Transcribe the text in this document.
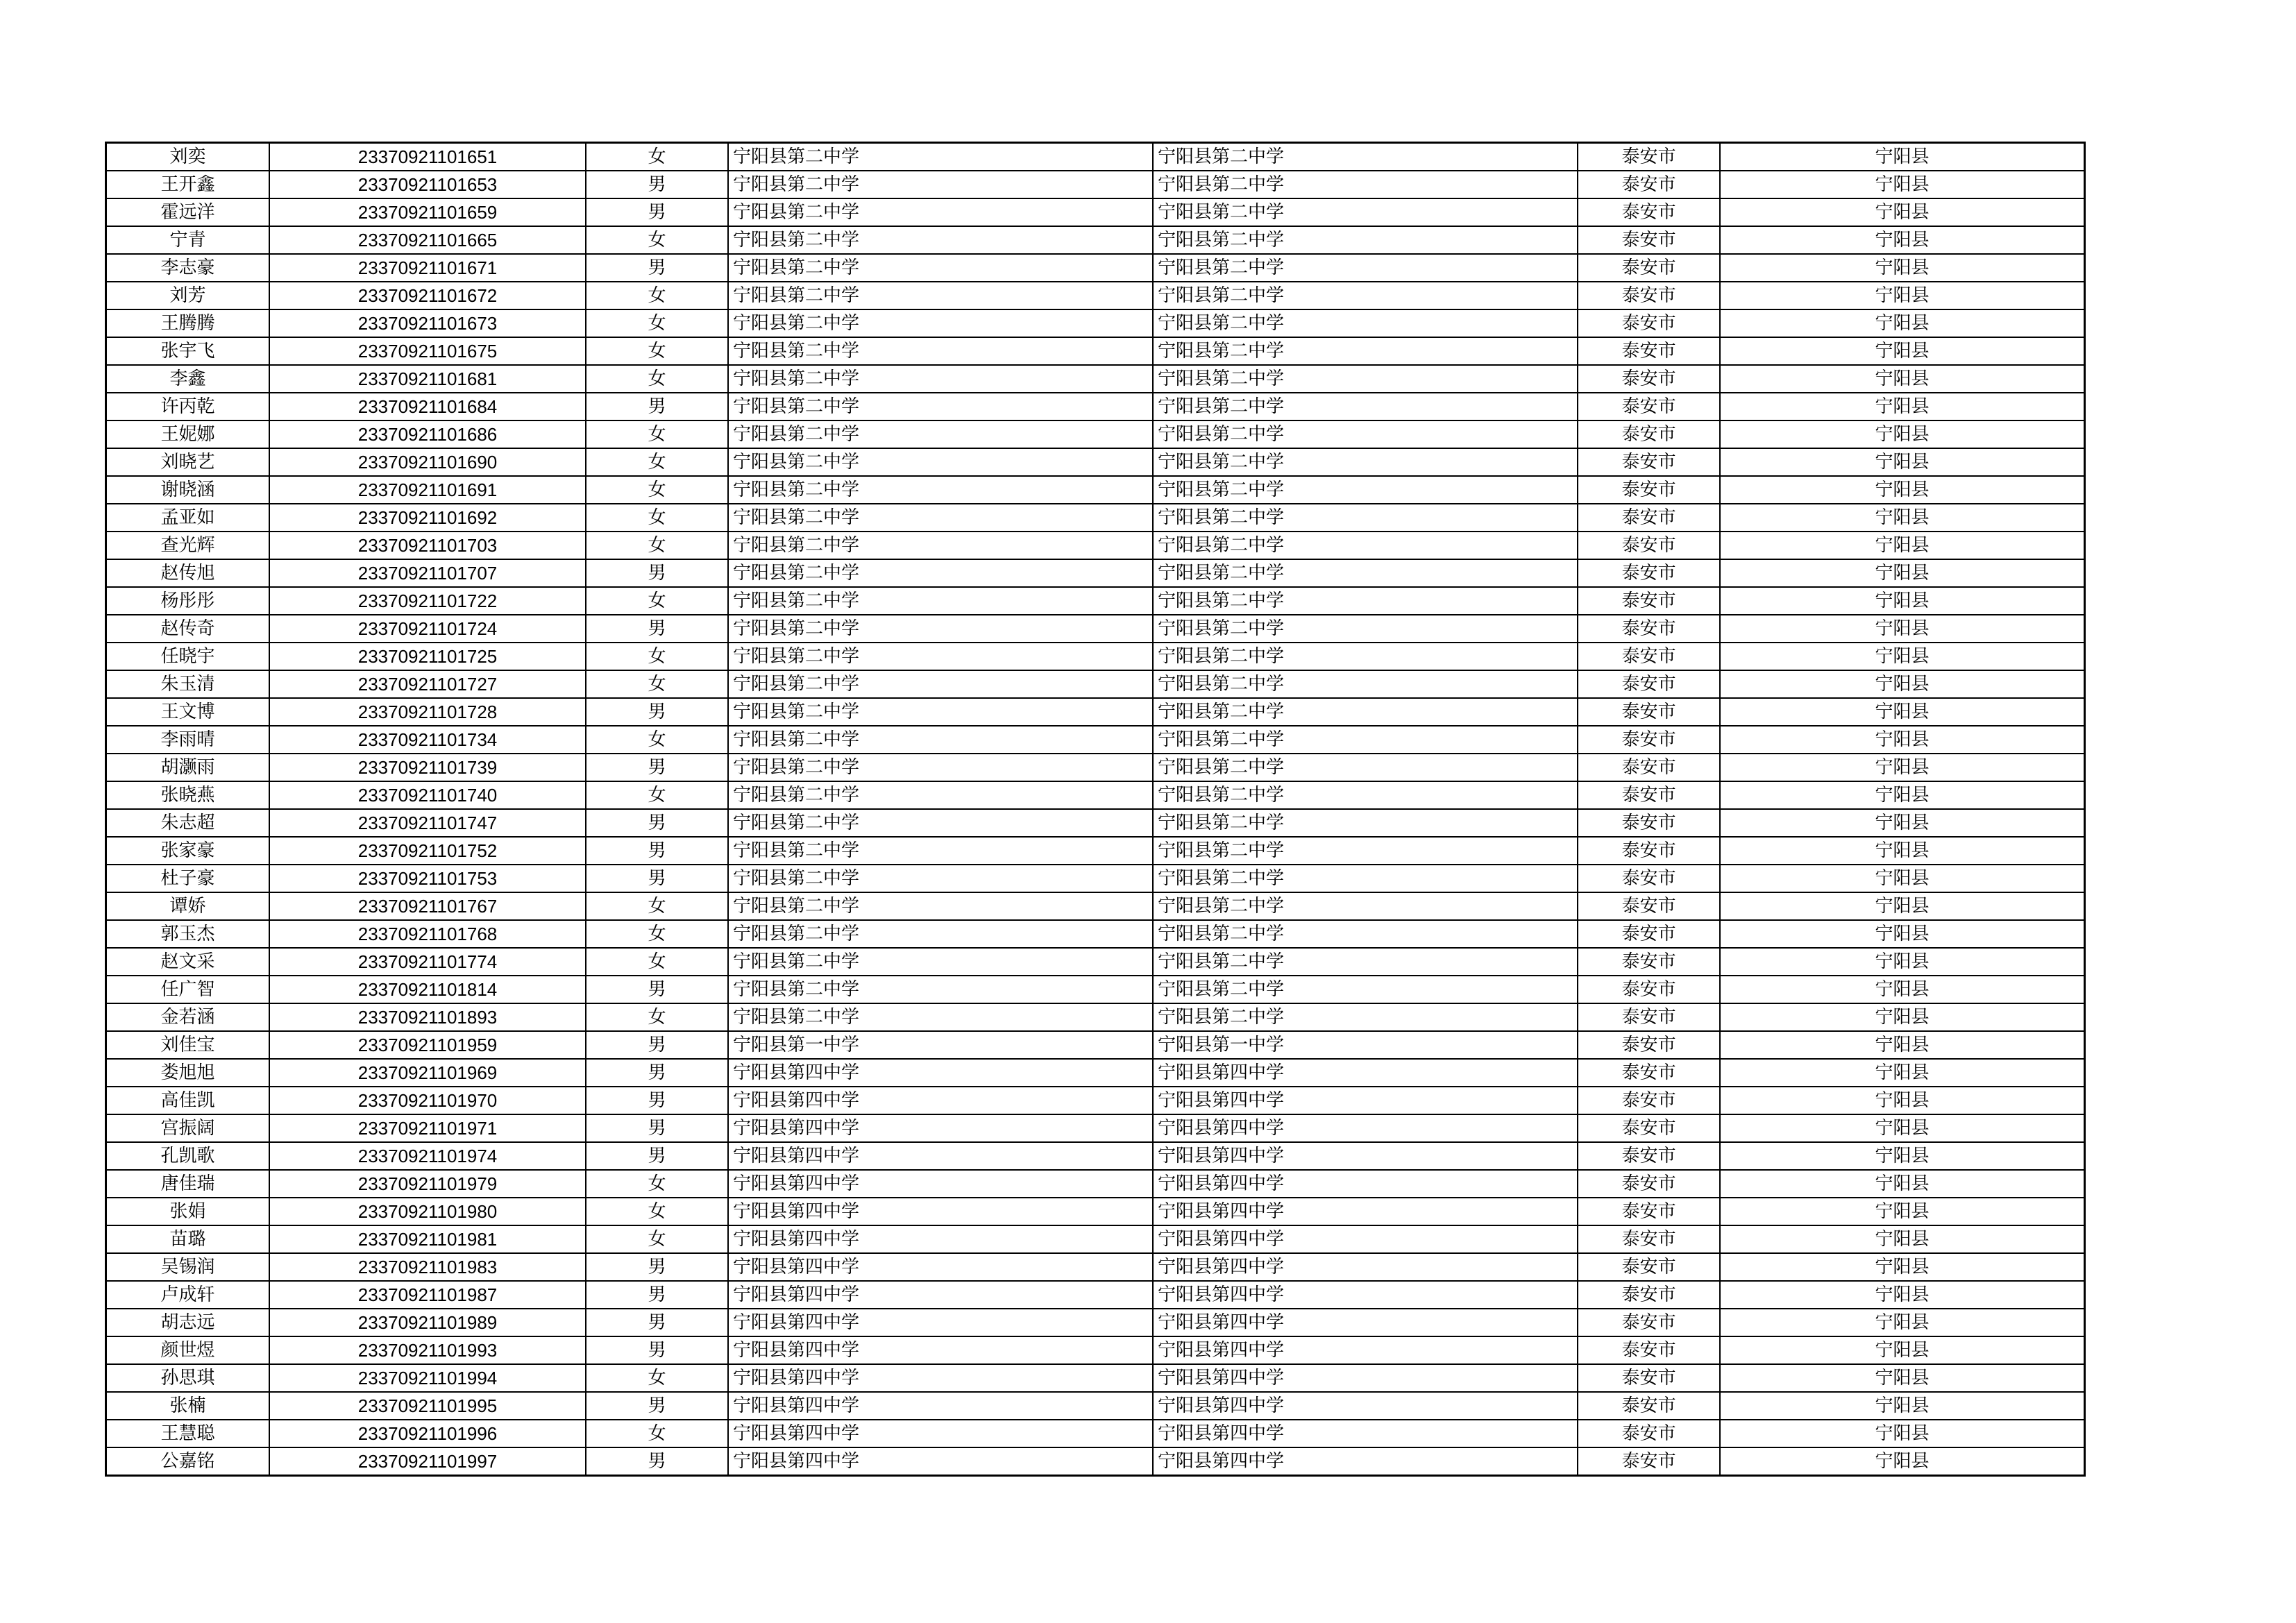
刘奕	23370921101651	女	宁阳县第二中学	宁阳县第二中学	泰安市	宁阳县
王开鑫	23370921101653	男	宁阳县第二中学	宁阳县第二中学	泰安市	宁阳县
霍远洋	23370921101659	男	宁阳县第二中学	宁阳县第二中学	泰安市	宁阳县
宁青	23370921101665	女	宁阳县第二中学	宁阳县第二中学	泰安市	宁阳县
李志豪	23370921101671	男	宁阳县第二中学	宁阳县第二中学	泰安市	宁阳县
刘芳	23370921101672	女	宁阳县第二中学	宁阳县第二中学	泰安市	宁阳县
王腾腾	23370921101673	女	宁阳县第二中学	宁阳县第二中学	泰安市	宁阳县
张宇飞	23370921101675	女	宁阳县第二中学	宁阳县第二中学	泰安市	宁阳县
李鑫	23370921101681	女	宁阳县第二中学	宁阳县第二中学	泰安市	宁阳县
许丙乾	23370921101684	男	宁阳县第二中学	宁阳县第二中学	泰安市	宁阳县
王妮娜	23370921101686	女	宁阳县第二中学	宁阳县第二中学	泰安市	宁阳县
刘晓艺	23370921101690	女	宁阳县第二中学	宁阳县第二中学	泰安市	宁阳县
谢晓涵	23370921101691	女	宁阳县第二中学	宁阳县第二中学	泰安市	宁阳县
孟亚如	23370921101692	女	宁阳县第二中学	宁阳县第二中学	泰安市	宁阳县
查光辉	23370921101703	女	宁阳县第二中学	宁阳县第二中学	泰安市	宁阳县
赵传旭	23370921101707	男	宁阳县第二中学	宁阳县第二中学	泰安市	宁阳县
杨彤彤	23370921101722	女	宁阳县第二中学	宁阳县第二中学	泰安市	宁阳县
赵传奇	23370921101724	男	宁阳县第二中学	宁阳县第二中学	泰安市	宁阳县
任晓宇	23370921101725	女	宁阳县第二中学	宁阳县第二中学	泰安市	宁阳县
朱玉清	23370921101727	女	宁阳县第二中学	宁阳县第二中学	泰安市	宁阳县
王文博	23370921101728	男	宁阳县第二中学	宁阳县第二中学	泰安市	宁阳县
李雨晴	23370921101734	女	宁阳县第二中学	宁阳县第二中学	泰安市	宁阳县
胡灏雨	23370921101739	男	宁阳县第二中学	宁阳县第二中学	泰安市	宁阳县
张晓燕	23370921101740	女	宁阳县第二中学	宁阳县第二中学	泰安市	宁阳县
朱志超	23370921101747	男	宁阳县第二中学	宁阳县第二中学	泰安市	宁阳县
张家豪	23370921101752	男	宁阳县第二中学	宁阳县第二中学	泰安市	宁阳县
杜子豪	23370921101753	男	宁阳县第二中学	宁阳县第二中学	泰安市	宁阳县
谭娇	23370921101767	女	宁阳县第二中学	宁阳县第二中学	泰安市	宁阳县
郭玉杰	23370921101768	女	宁阳县第二中学	宁阳县第二中学	泰安市	宁阳县
赵文采	23370921101774	女	宁阳县第二中学	宁阳县第二中学	泰安市	宁阳县
任广智	23370921101814	男	宁阳县第二中学	宁阳县第二中学	泰安市	宁阳县
金若涵	23370921101893	女	宁阳县第二中学	宁阳县第二中学	泰安市	宁阳县
刘佳宝	23370921101959	男	宁阳县第一中学	宁阳县第一中学	泰安市	宁阳县
娄旭旭	23370921101969	男	宁阳县第四中学	宁阳县第四中学	泰安市	宁阳县
高佳凯	23370921101970	男	宁阳县第四中学	宁阳县第四中学	泰安市	宁阳县
宫振阔	23370921101971	男	宁阳县第四中学	宁阳县第四中学	泰安市	宁阳县
孔凯歌	23370921101974	男	宁阳县第四中学	宁阳县第四中学	泰安市	宁阳县
唐佳瑞	23370921101979	女	宁阳县第四中学	宁阳县第四中学	泰安市	宁阳县
张娟	23370921101980	女	宁阳县第四中学	宁阳县第四中学	泰安市	宁阳县
苗璐	23370921101981	女	宁阳县第四中学	宁阳县第四中学	泰安市	宁阳县
吴锡润	23370921101983	男	宁阳县第四中学	宁阳县第四中学	泰安市	宁阳县
卢成轩	23370921101987	男	宁阳县第四中学	宁阳县第四中学	泰安市	宁阳县
胡志远	23370921101989	男	宁阳县第四中学	宁阳县第四中学	泰安市	宁阳县
颜世煜	23370921101993	男	宁阳县第四中学	宁阳县第四中学	泰安市	宁阳县
孙思琪	23370921101994	女	宁阳县第四中学	宁阳县第四中学	泰安市	宁阳县
张楠	23370921101995	男	宁阳县第四中学	宁阳县第四中学	泰安市	宁阳县
王慧聪	23370921101996	女	宁阳县第四中学	宁阳县第四中学	泰安市	宁阳县
公嘉铭	23370921101997	男	宁阳县第四中学	宁阳县第四中学	泰安市	宁阳县
